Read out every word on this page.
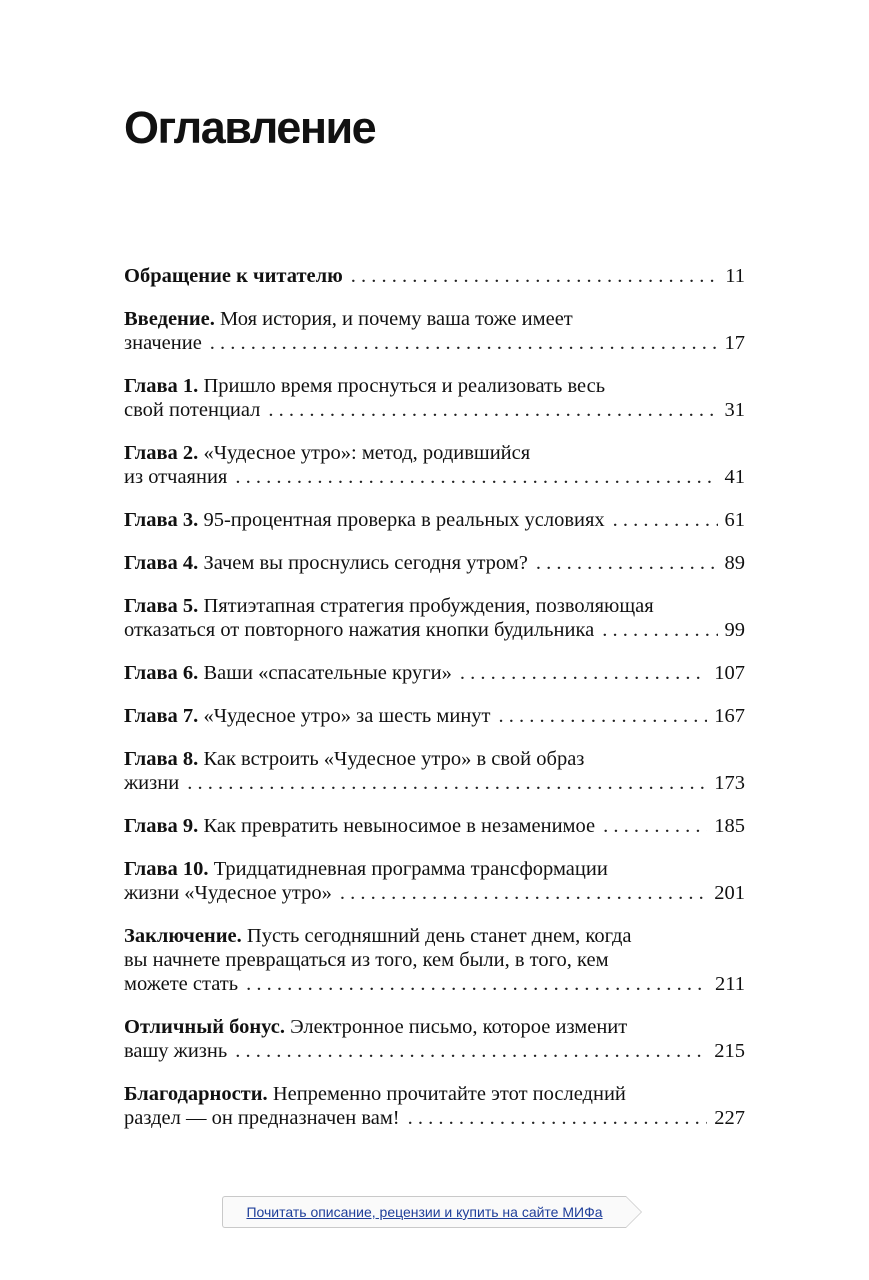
Оглавление
Обращение к читателю . . .	11
Введение. Моя история, и почему ваша тоже имеет
значение . . .	17
Глава 1. Пришло время проснуться и реализовать весь
свой потенциал . . .	31
Глава 2. «Чудесное утро»: метод, родившийся
из отчаяния . . .	41
Глава 3. 95-процентная проверка в реальных условиях . . .	61
Глава 4. Зачем вы проснулись сегодня утром? . . .	89
Глава 5. Пятиэтапная стратегия пробуждения, позволяющая
отказаться от повторного нажатия кнопки будильника . . .	99
Глава 6. Ваши «спасательные круги» . . .	107
Глава 7. «Чудесное утро» за шесть минут . . .	167
Глава 8. Как встроить «Чудесное утро» в свой образ
жизни . . .	173
Глава 9. Как превратить невыносимое в незаменимое . . .	185
Глава 10. Тридцатидневная программа трансформации
жизни «Чудесное утро» . . .	201
Заключение. Пусть сегодняшний день станет днем, когда
вы начнете превращаться из того, кем были, в того, кем
можете стать . . .	211
Отличный бонус. Электронное письмо, которое изменит
вашу жизнь . . .	215
Благодарности. Непременно прочитайте этот последний
раздел — он предназначен вам! . . .	227
Почитать описание, рецензии и купить на сайте МИФа
